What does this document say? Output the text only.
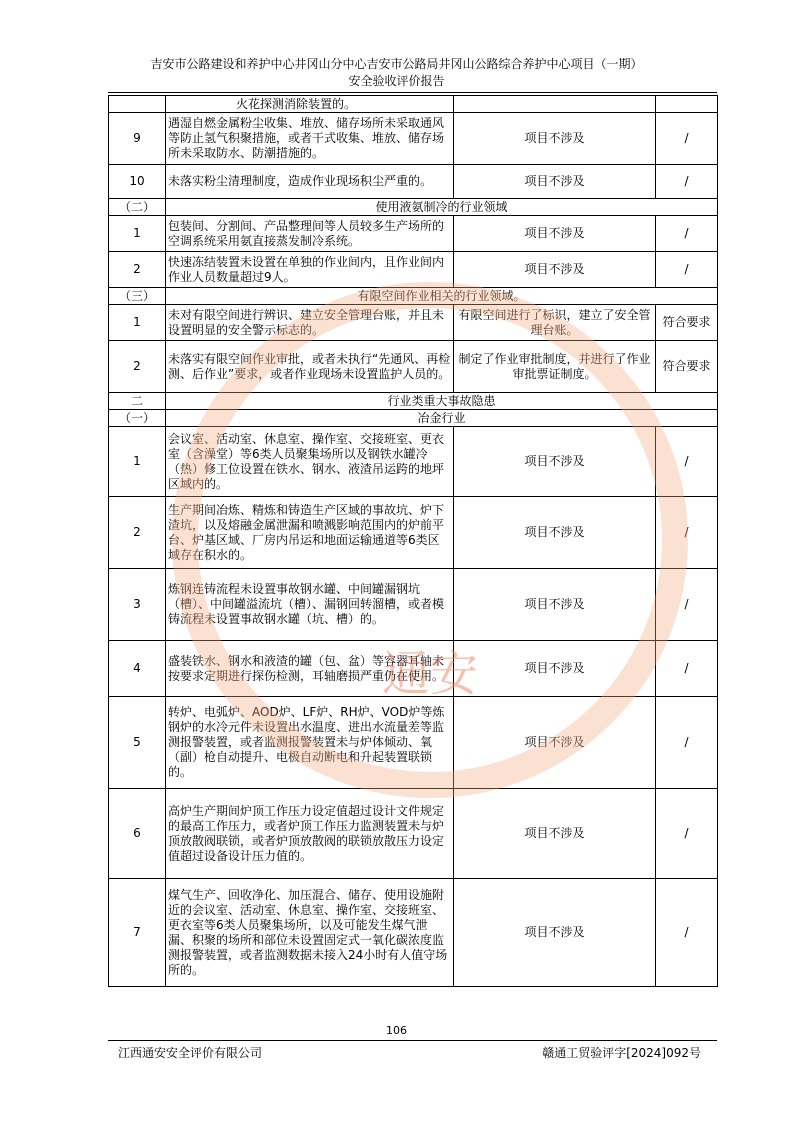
吉安市公路建设和养护中心井冈山分中心吉安市公路局井冈山公路综合养护中心项目（一期）
安全验收评价报告
	火花探测消除装置的。		
9	遇湿自燃金属粉尘收集、堆放、储存场所未采取通风等防止氢气积聚措施，或者干式收集、堆放、储存场所未采取防水、防潮措施的。	项目不涉及	/
10	未落实粉尘清理制度，造成作业现场积尘严重的。	项目不涉及	/
（二）	使用液氨制冷的行业领域		
1	包装间、分割间、产品整理间等人员较多生产场所的空调系统采用氨直接蒸发制冷系统。	项目不涉及	/
2	快速冻结装置未设置在单独的作业间内，且作业间内作业人员数量超过9人。	项目不涉及	/
（三）	有限空间作业相关的行业领域。		
1	未对有限空间进行辨识、建立安全管理台账，并且未设置明显的安全警示标志的。	有限空间进行了标识，建立了安全管理台账。	符合要求
2	未落实有限空间作业审批，或者未执行“先通风、再检测、后作业”要求，或者作业现场未设置监护人员的。	制定了作业审批制度，并进行了作业审批票证制度。	符合要求
二	行业类重大事故隐患		
（一）	冶金行业		
1	会议室、活动室、休息室、操作室、交接班室、更衣室（含澡堂）等6类人员聚集场所以及钢铁水罐冷（热）修工位设置在铁水、钢水、液渣吊运跨的地坪区域内的。	项目不涉及	/
2	生产期间冶炼、精炼和铸造生产区域的事故坑、炉下渣坑，以及熔融金属泄漏和喷溅影响范围内的炉前平台、炉基区域、厂房内吊运和地面运输通道等6类区域存在积水的。	项目不涉及	/
3	炼钢连铸流程未设置事故钢水罐、中间罐漏钢坑（槽）、中间罐溢流坑（槽）、漏钢回转溜槽，或者模铸流程未设置事故钢水罐（坑、槽）的。	项目不涉及	/
4	盛装铁水、钢水和液渣的罐（包、盆）等容器耳轴未按要求定期进行探伤检测，耳轴磨损严重仍在使用。	项目不涉及	/
5	转炉、电弧炉、AOD炉、LF炉、RH炉、VOD炉等炼钢炉的水冷元件未设置出水温度、进出水流量差等监测报警装置，或者监测报警装置未与炉体倾动、氧（副）枪自动提升、电极自动断电和升起装置联锁的。	项目不涉及	/
6	高炉生产期间炉顶工作压力设定值超过设计文件规定的最高工作压力，或者炉顶工作压力监测装置未与炉顶放散阀联锁，或者炉顶放散阀的联锁放散压力设定值超过设备设计压力值的。	项目不涉及	/
7	煤气生产、回收净化、加压混合、储存、使用设施附近的会议室、活动室、休息室、操作室、交接班室、更衣室等6类人员聚集场所，以及可能发生煤气泄漏、积聚的场所和部位未设置固定式一氧化碳浓度监测报警装置，或者监测数据未接入24小时有人值守场所的。	项目不涉及	/
通安
106
江西通安安全评价有限公司	赣通工贸验评字[2024]092号
